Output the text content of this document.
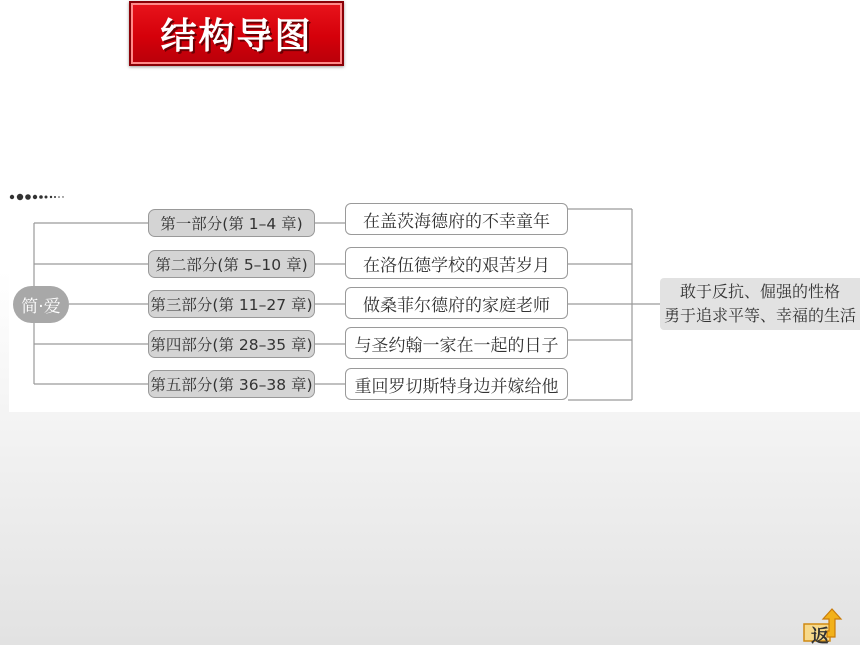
结构导图
简·爱
第一部分(第 1–4 章)
第二部分(第 5–10 章)
第三部分(第 11–27 章)
第四部分(第 28–35 章)
第五部分(第 36–38 章)
在盖茨海德府的不幸童年
在洛伍德学校的艰苦岁月
做桑菲尔德府的家庭老师
与圣约翰一家在一起的日子
重回罗切斯特身边并嫁给他
敢于反抗、倔强的性格
勇于追求平等、幸福的生活
返
